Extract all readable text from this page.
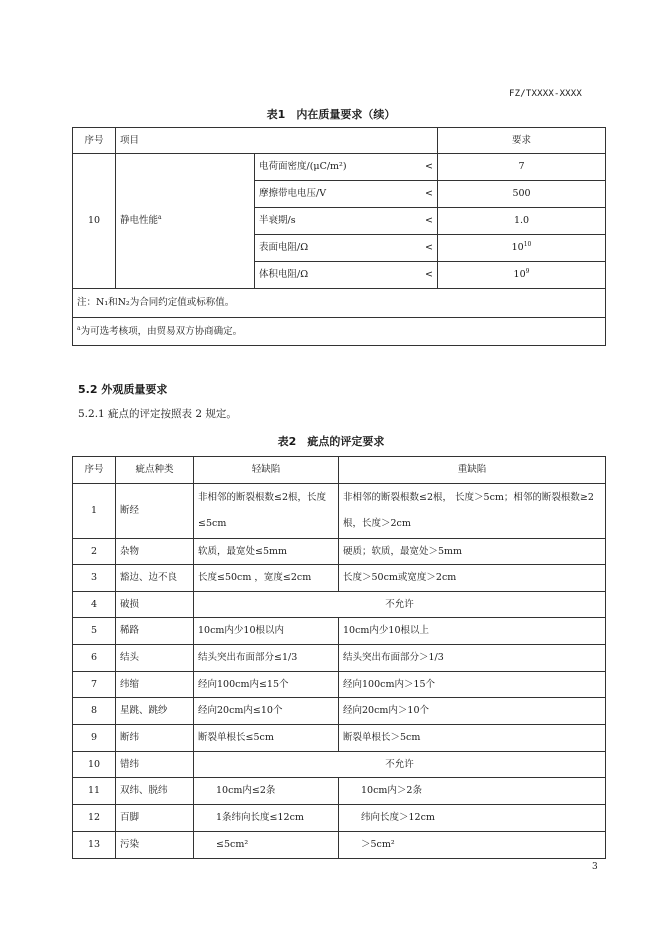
FZ/TXXXX-XXXX
表1　内在质量要求（续）
序号	项目		要求
10	静电性能$^a$	电荷面密度/(μC/m²) <	7
		摩擦带电电压/V <	500
		半衰期/s <	1.0
		表面电阻/Ω <	$10^{10}$
		体积电阻/Ω <	$10^9$
注：N₁和N₂为合同约定值或标称值。			
$^a$为可选考核项，由贸易双方协商确定。			
5.2 外观质量要求
5.2.1 疵点的评定按照表 2 规定。
表2　疵点的评定要求
序号	疵点种类	轻缺陷	重缺陷
1	断经	非相邻的断裂根数≤2根，长度≤5cm	非相邻的断裂根数≤2根， 长度＞5cm；相邻的断裂根数≥2根，长度＞2cm
2	杂物	软质，最宽处≤5mm	硬质；软质，最宽处＞5mm
3	豁边、边不良	长度≤50cm ，宽度≤2cm	长度＞50cm或宽度＞2cm
4	破损	不允许	
5	稀路	10cm内少10根以内	10cm内少10根以上
6	结头	结头突出布面部分≤1/3	结头突出布面部分＞1/3
7	纬缩	经向100cm内≤15个	经向100cm内＞15个
8	星跳、跳纱	经向20cm内≤10个	经向20cm内＞10个
9	断纬	断裂单根长≤5cm	断裂单根长＞5cm
10	错纬	不允许	
11	双纬、脱纬	10cm内≤2条	10cm内＞2条
12	百脚	1条纬向长度≤12cm	纬向长度＞12cm
13	污染	≤5cm²	＞5cm²
3
